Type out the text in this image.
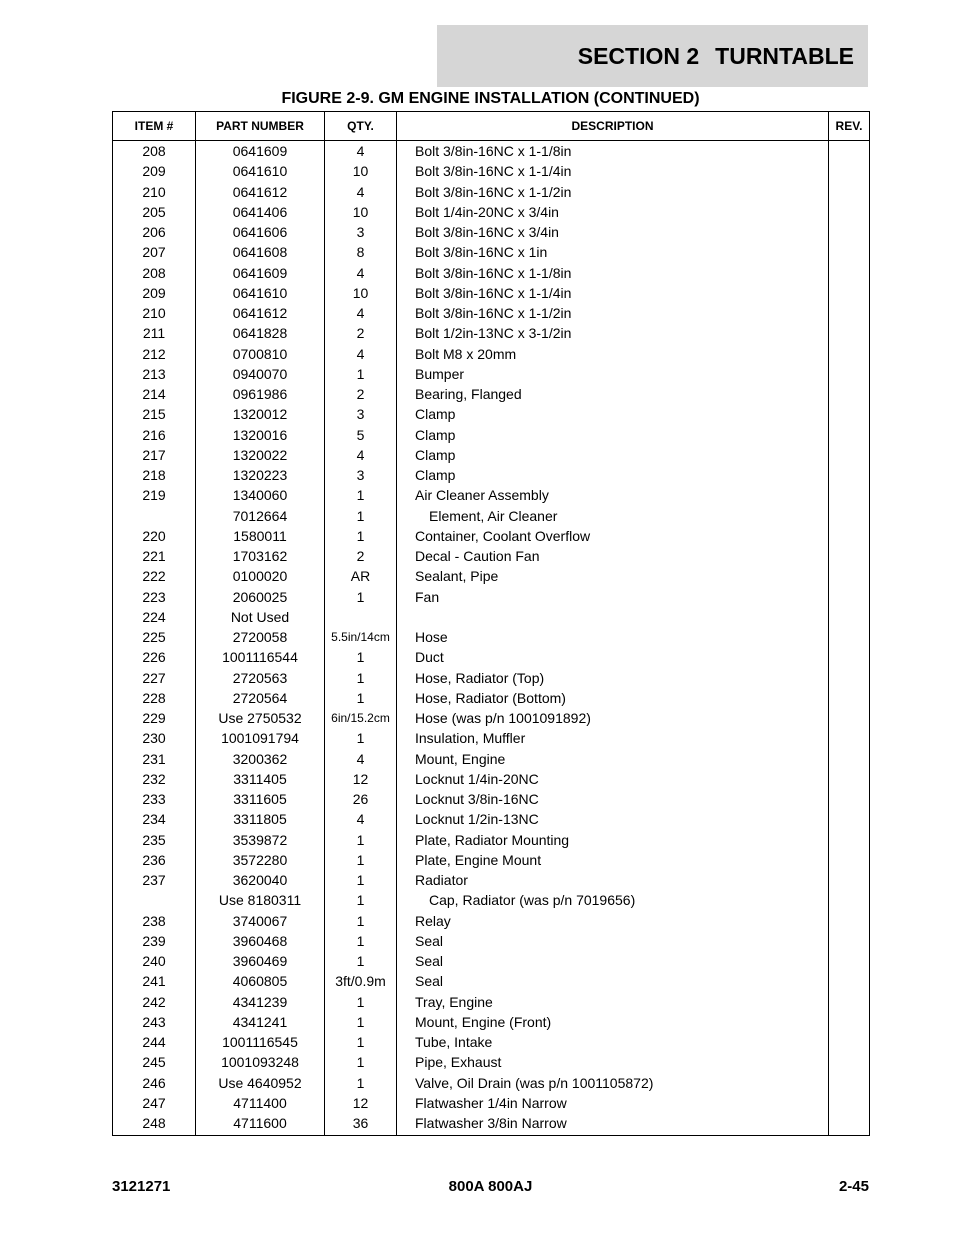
SECTION 2 TURNTABLE
FIGURE 2-9. GM ENGINE INSTALLATION (CONTINUED)
ITEM #	PART NUMBER	QTY.	DESCRIPTION	REV.
208	0641609	4	Bolt 3/8in-16NC x 1-1/8in	
209	0641610	10	Bolt 3/8in-16NC x 1-1/4in	
210	0641612	4	Bolt 3/8in-16NC x 1-1/2in	
205	0641406	10	Bolt 1/4in-20NC x 3/4in	
206	0641606	3	Bolt 3/8in-16NC x 3/4in	
207	0641608	8	Bolt 3/8in-16NC x 1in	
208	0641609	4	Bolt 3/8in-16NC x 1-1/8in	
209	0641610	10	Bolt 3/8in-16NC x 1-1/4in	
210	0641612	4	Bolt 3/8in-16NC x 1-1/2in	
211	0641828	2	Bolt 1/2in-13NC x 3-1/2in	
212	0700810	4	Bolt M8 x 20mm	
213	0940070	1	Bumper	
214	0961986	2	Bearing, Flanged	
215	1320012	3	Clamp	
216	1320016	5	Clamp	
217	1320022	4	Clamp	
218	1320223	3	Clamp	
219	1340060	1	Air Cleaner Assembly	
	7012664	1	Element, Air Cleaner	
220	1580011	1	Container, Coolant Overflow	
221	1703162	2	Decal - Caution Fan	
222	0100020	AR	Sealant, Pipe	
223	2060025	1	Fan	
224	Not Used			
225	2720058	5.5in/14cm	Hose	
226	1001116544	1	Duct	
227	2720563	1	Hose, Radiator (Top)	
228	2720564	1	Hose, Radiator (Bottom)	
229	Use 2750532	6in/15.2cm	Hose (was p/n 1001091892)	
230	1001091794	1	Insulation, Muffler	
231	3200362	4	Mount, Engine	
232	3311405	12	Locknut 1/4in-20NC	
233	3311605	26	Locknut 3/8in-16NC	
234	3311805	4	Locknut 1/2in-13NC	
235	3539872	1	Plate, Radiator Mounting	
236	3572280	1	Plate, Engine Mount	
237	3620040	1	Radiator	
	Use 8180311	1	Cap, Radiator (was p/n 7019656)	
238	3740067	1	Relay	
239	3960468	1	Seal	
240	3960469	1	Seal	
241	4060805	3ft/0.9m	Seal	
242	4341239	1	Tray, Engine	
243	4341241	1	Mount, Engine (Front)	
244	1001116545	1	Tube, Intake	
245	1001093248	1	Pipe, Exhaust	
246	Use 4640952	1	Valve, Oil Drain (was p/n 1001105872)	
247	4711400	12	Flatwasher 1/4in Narrow	
248	4711600	36	Flatwasher 3/8in Narrow	
3121271	800A 800AJ	2-45
